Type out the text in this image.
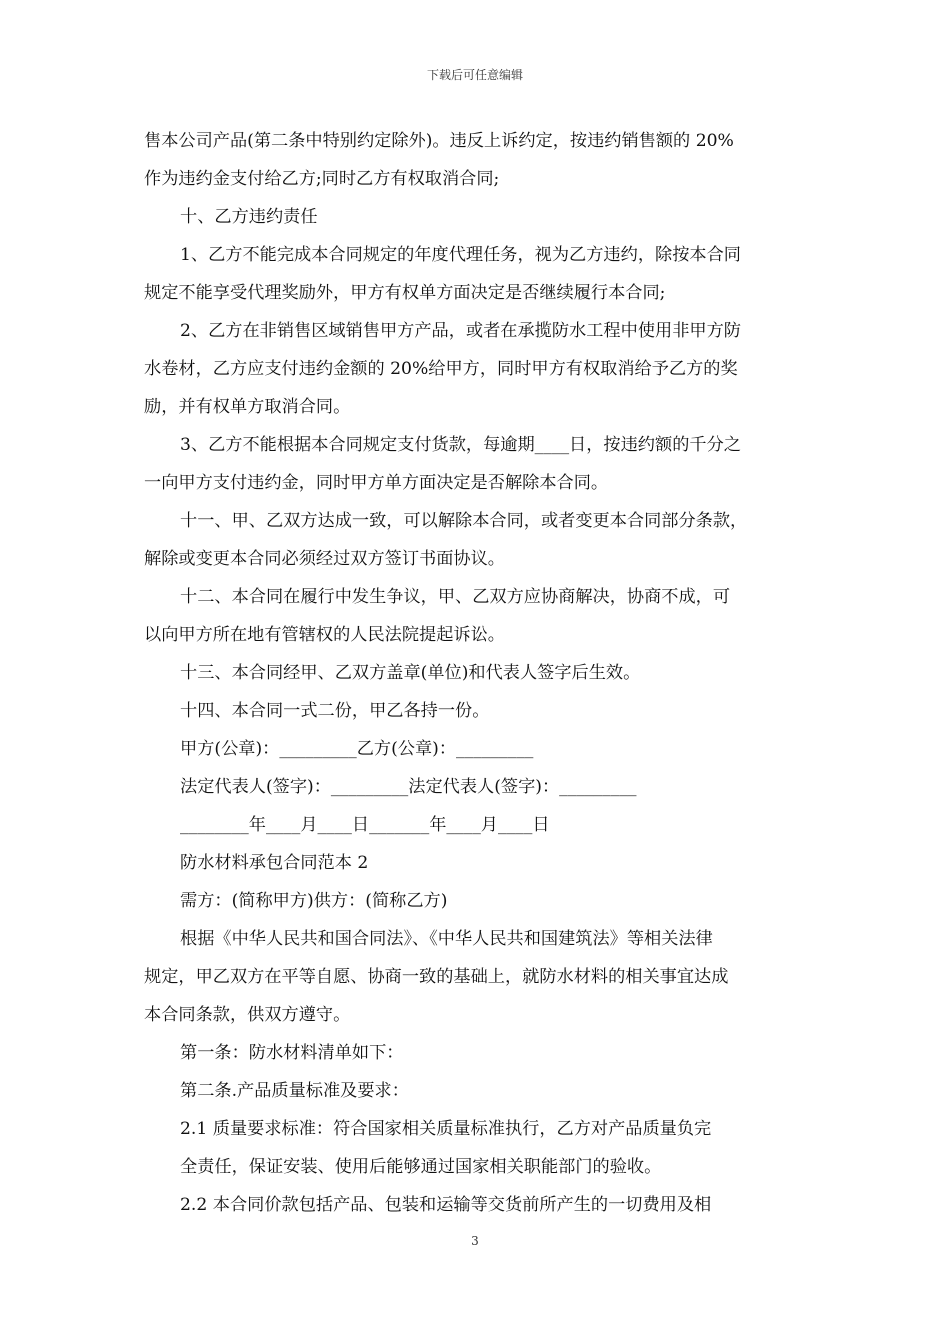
下载后可任意编辑
售本公司产品(第二条中特别约定除外)。违反上诉约定，按违约销售额的 20%
作为违约金支付给乙方;同时乙方有权取消合同;
十、乙方违约责任
1、乙方不能完成本合同规定的年度代理任务，视为乙方违约，除按本合同
规定不能享受代理奖励外，甲方有权单方面决定是否继续履行本合同;
2、乙方在非销售区域销售甲方产品，或者在承揽防水工程中使用非甲方防
水卷材，乙方应支付违约金额的 20%给甲方，同时甲方有权取消给予乙方的奖
励，并有权单方取消合同。
3、乙方不能根据本合同规定支付货款，每逾期____日，按违约额的千分之
一向甲方支付违约金，同时甲方单方面决定是否解除本合同。
十一、甲、乙双方达成一致，可以解除本合同，或者变更本合同部分条款，
解除或变更本合同必须经过双方签订书面协议。
十二、本合同在履行中发生争议，甲、乙双方应协商解决，协商不成，可
以向甲方所在地有管辖权的人民法院提起诉讼。
十三、本合同经甲、乙双方盖章(单位)和代表人签字后生效。
十四、本合同一式二份，甲乙各持一份。
甲方(公章)：_________乙方(公章)：_________
法定代表人(签字)：_________法定代表人(签字)：_________
________年____月____日_______年____月____日
防水材料承包合同范本 2
需方：(简称甲方)供方：(简称乙方)
根据《中华人民共和国合同法》、《中华人民共和国建筑法》等相关法律
规定，甲乙双方在平等自愿、协商一致的基础上，就防水材料的相关事宜达成
本合同条款，供双方遵守。
第一条：防水材料清单如下：
第二条.产品质量标准及要求：
2.1 质量要求标准：符合国家相关质量标准执行，乙方对产品质量负完
全责任，保证安装、使用后能够通过国家相关职能部门的验收。
2.2 本合同价款包括产品、包装和运输等交货前所产生的一切费用及相
3
